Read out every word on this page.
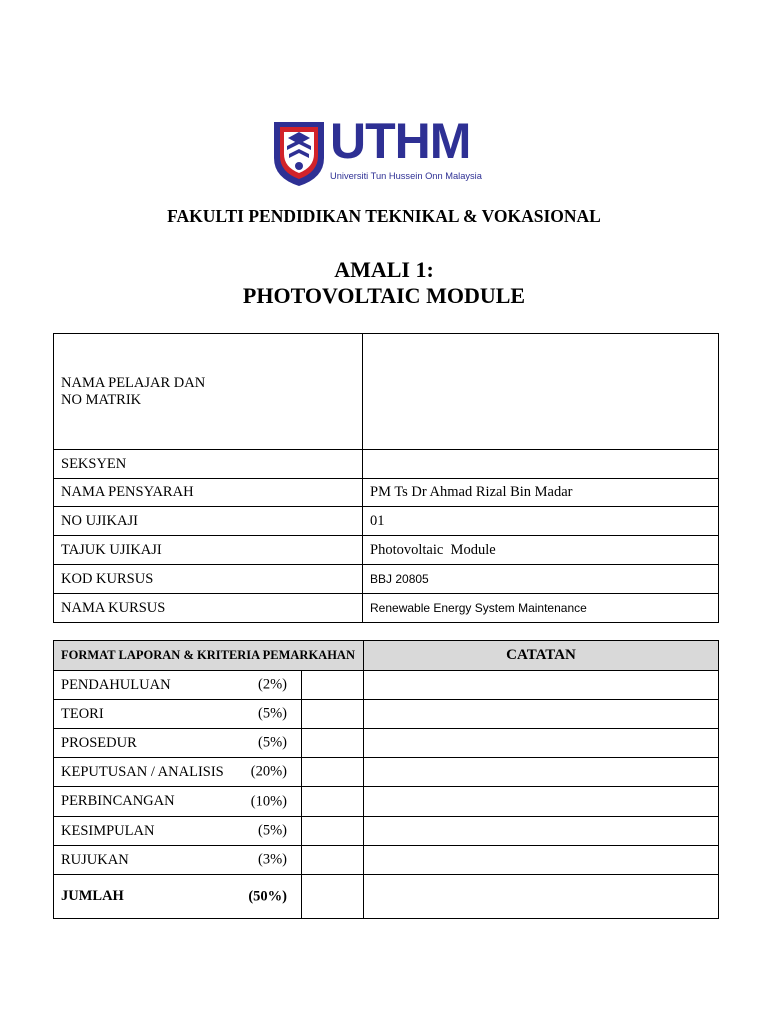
UTHM
Universiti Tun Hussein Onn Malaysia
FAKULTI PENDIDIKAN TEKNIKAL & VOKASIONAL
AMALI 1:
PHOTOVOLTAIC MODULE
NAMA PELAJAR DAN
NO MATRIK	
SEKSYEN	
NAMA PENSYARAH	PM Ts Dr Ahmad Rizal Bin Madar
NO UJIKAJI	01
TAJUK UJIKAJI	Photovoltaic  Module
KOD KURSUS	BBJ 20805
NAMA KURSUS	Renewable Energy System Maintenance
FORMAT LAPORAN & KRITERIA PEMARKAHAN		CATATAN
PENDAHULUAN (2%)		

TEORI (5%)		

PROSEDUR (5%)		

KEPUTUSAN / ANALISIS (20%)		

PERBINCANGAN (10%)		

KESIMPULAN (5%)		

RUJUKAN (3%)		

JUMLAH (50%)		
